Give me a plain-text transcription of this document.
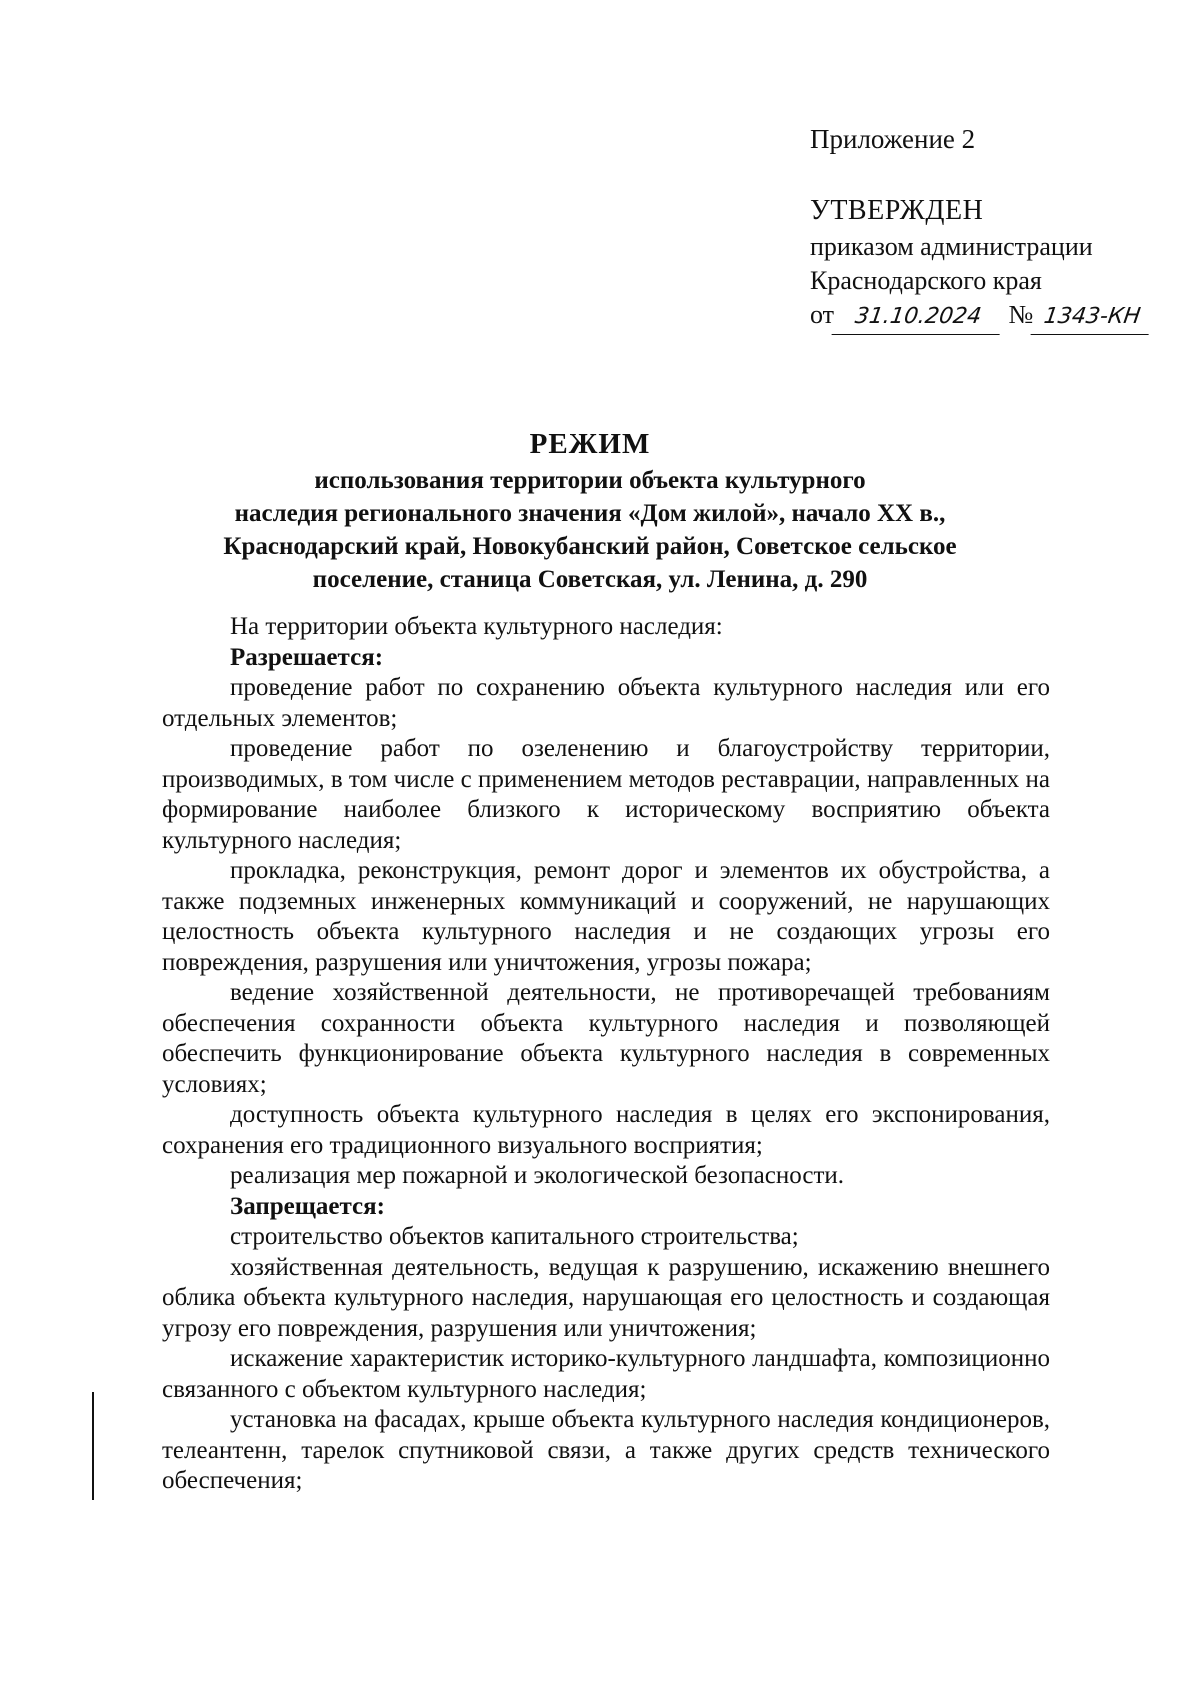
Приложение 2
УТВЕРЖДЕН
приказом администрации
Краснодарского края
от 31.10.2024 № 1343-КН
РЕЖИМ
использования территории объекта культурного
наследия регионального значения «Дом жилой», начало XX в.,
Краснодарский край, Новокубанский район, Советское сельское
поселение, станица Советская, ул. Ленина, д. 290

На территории объекта культурного наследия:

Разрешается:

проведение работ по сохранению объекта культурного наследия или его отдельных элементов;

проведение работ по озеленению и благоустройству территории, производимых, в том числе с применением методов реставрации, направленных на формирование наиболее близкого к историческому восприятию объекта культурного наследия;

прокладка, реконструкция, ремонт дорог и элементов их обустройства, а также подземных инженерных коммуникаций и сооружений, не нарушающих целостность объекта культурного наследия и не создающих угрозы его повреждения, разрушения или уничтожения, угрозы пожара;

ведение хозяйственной деятельности, не противоречащей требованиям обеспечения сохранности объекта культурного наследия и позволяющей обеспечить функционирование объекта культурного наследия в современных условиях;

доступность объекта культурного наследия в целях его экспонирования, сохранения его традиционного визуального восприятия;

реализация мер пожарной и экологической безопасности.

Запрещается:

строительство объектов капитального строительства;

хозяйственная деятельность, ведущая к разрушению, искажению внешнего облика объекта культурного наследия, нарушающая его целостность и создающая угрозу его повреждения, разрушения или уничтожения;

искажение характеристик историко-культурного ландшафта, композиционно связанного с объектом культурного наследия;

установка на фасадах, крыше объекта культурного наследия кондиционеров, телеантенн, тарелок спутниковой связи, а также других средств технического обеспечения;
